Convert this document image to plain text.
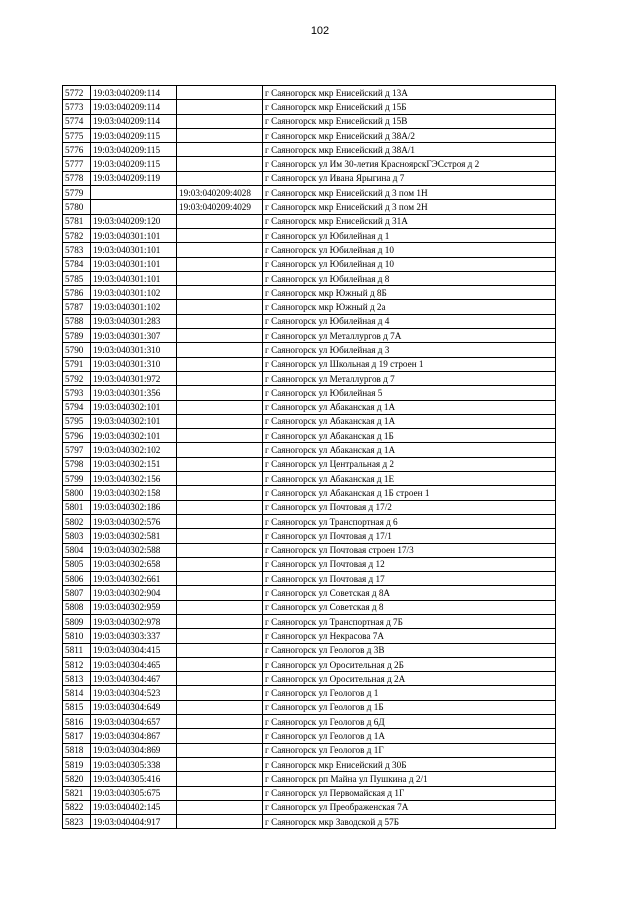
102
5772	19:03:040209:114		г Саяногорск мкр Енисейский д 13А
5773	19:03:040209:114		г Саяногорск мкр Енисейский д 15Б
5774	19:03:040209:114		г Саяногорск мкр Енисейский д 15В
5775	19:03:040209:115		г Саяногорск мкр Енисейский д 38А/2
5776	19:03:040209:115		г Саяногорск мкр Енисейский д 38А/1
5777	19:03:040209:115		г Саяногорск ул Им 30-летия КрасноярскГЭСстроя д 2
5778	19:03:040209:119		г Саяногорск ул Ивана Ярыгина д 7
5779		19:03:040209:4028	г Саяногорск мкр Енисейский д 3 пом 1Н
5780		19:03:040209:4029	г Саяногорск мкр Енисейский д 3 пом 2Н
5781	19:03:040209:120		г Саяногорск мкр Енисейский д 31А
5782	19:03:040301:101		г Саяногорск ул Юбилейная д 1
5783	19:03:040301:101		г Саяногорск ул Юбилейная д 10
5784	19:03:040301:101		г Саяногорск ул Юбилейная д 10
5785	19:03:040301:101		г Саяногорск ул Юбилейная д 8
5786	19:03:040301:102		г Саяногорск мкр Южный д 8Б
5787	19:03:040301:102		г Саяногорск мкр Южный д 2а
5788	19:03:040301:283		г Саяногорск ул Юбилейная д 4
5789	19:03:040301:307		г Саяногорск ул Металлургов д 7А
5790	19:03:040301:310		г Саяногорск ул Юбилейная д 3
5791	19:03:040301:310		г Саяногорск ул Школьная д 19 строен 1
5792	19:03:040301:972		г Саяногорск ул Металлургов д 7
5793	19:03:040301:356		г Саяногорск ул Юбилейная 5
5794	19:03:040302:101		г Саяногорск ул Абаканская д 1А
5795	19:03:040302:101		г Саяногорск ул Абаканская д 1А
5796	19:03:040302:101		г Саяногорск ул Абаканская д 1Б
5797	19:03:040302:102		г Саяногорск ул Абаканская д 1А
5798	19:03:040302:151		г Саяногорск ул Центральная д 2
5799	19:03:040302:156		г Саяногорск ул Абаканская д 1Е
5800	19:03:040302:158		г Саяногорск ул Абаканская д 1Б строен 1
5801	19:03:040302:186		г Саяногорск ул Почтовая д 17/2
5802	19:03:040302:576		г Саяногорск ул Транспортная д 6
5803	19:03:040302:581		г Саяногорск ул Почтовая д 17/1
5804	19:03:040302:588		г Саяногорск ул Почтовая строен 17/3
5805	19:03:040302:658		г Саяногорск ул Почтовая д 12
5806	19:03:040302:661		г Саяногорск ул Почтовая д 17
5807	19:03:040302:904		г Саяногорск ул Советская д 8А
5808	19:03:040302:959		г Саяногорск ул Советская д 8
5809	19:03:040302:978		г Саяногорск ул Транспортная д 7Б
5810	19:03:040303:337		г Саяногорск ул Некрасова 7А
5811	19:03:040304:415		г Саяногорск ул Геологов д 3В
5812	19:03:040304:465		г Саяногорск ул Оросительная д 2Б
5813	19:03:040304:467		г Саяногорск ул Оросительная д 2А
5814	19:03:040304:523		г Саяногорск ул Геологов д 1
5815	19:03:040304:649		г Саяногорск ул Геологов д 1Б
5816	19:03:040304:657		г Саяногорск ул Геологов д 6Д
5817	19:03:040304:867		г Саяногорск ул Геологов д 1А
5818	19:03:040304:869		г Саяногорск ул Геологов д 1Г
5819	19:03:040305:338		г Саяногорск мкр Енисейский д 30Б
5820	19:03:040305:416		г Саяногорск рп Майна ул Пушкина д 2/1
5821	19:03:040305:675		г Саяногорск ул Первомайская д 1Г
5822	19:03:040402:145		г Саяногорск ул Преображенская 7А
5823	19:03:040404:917		г Саяногорск мкр Заводской д 57Б
